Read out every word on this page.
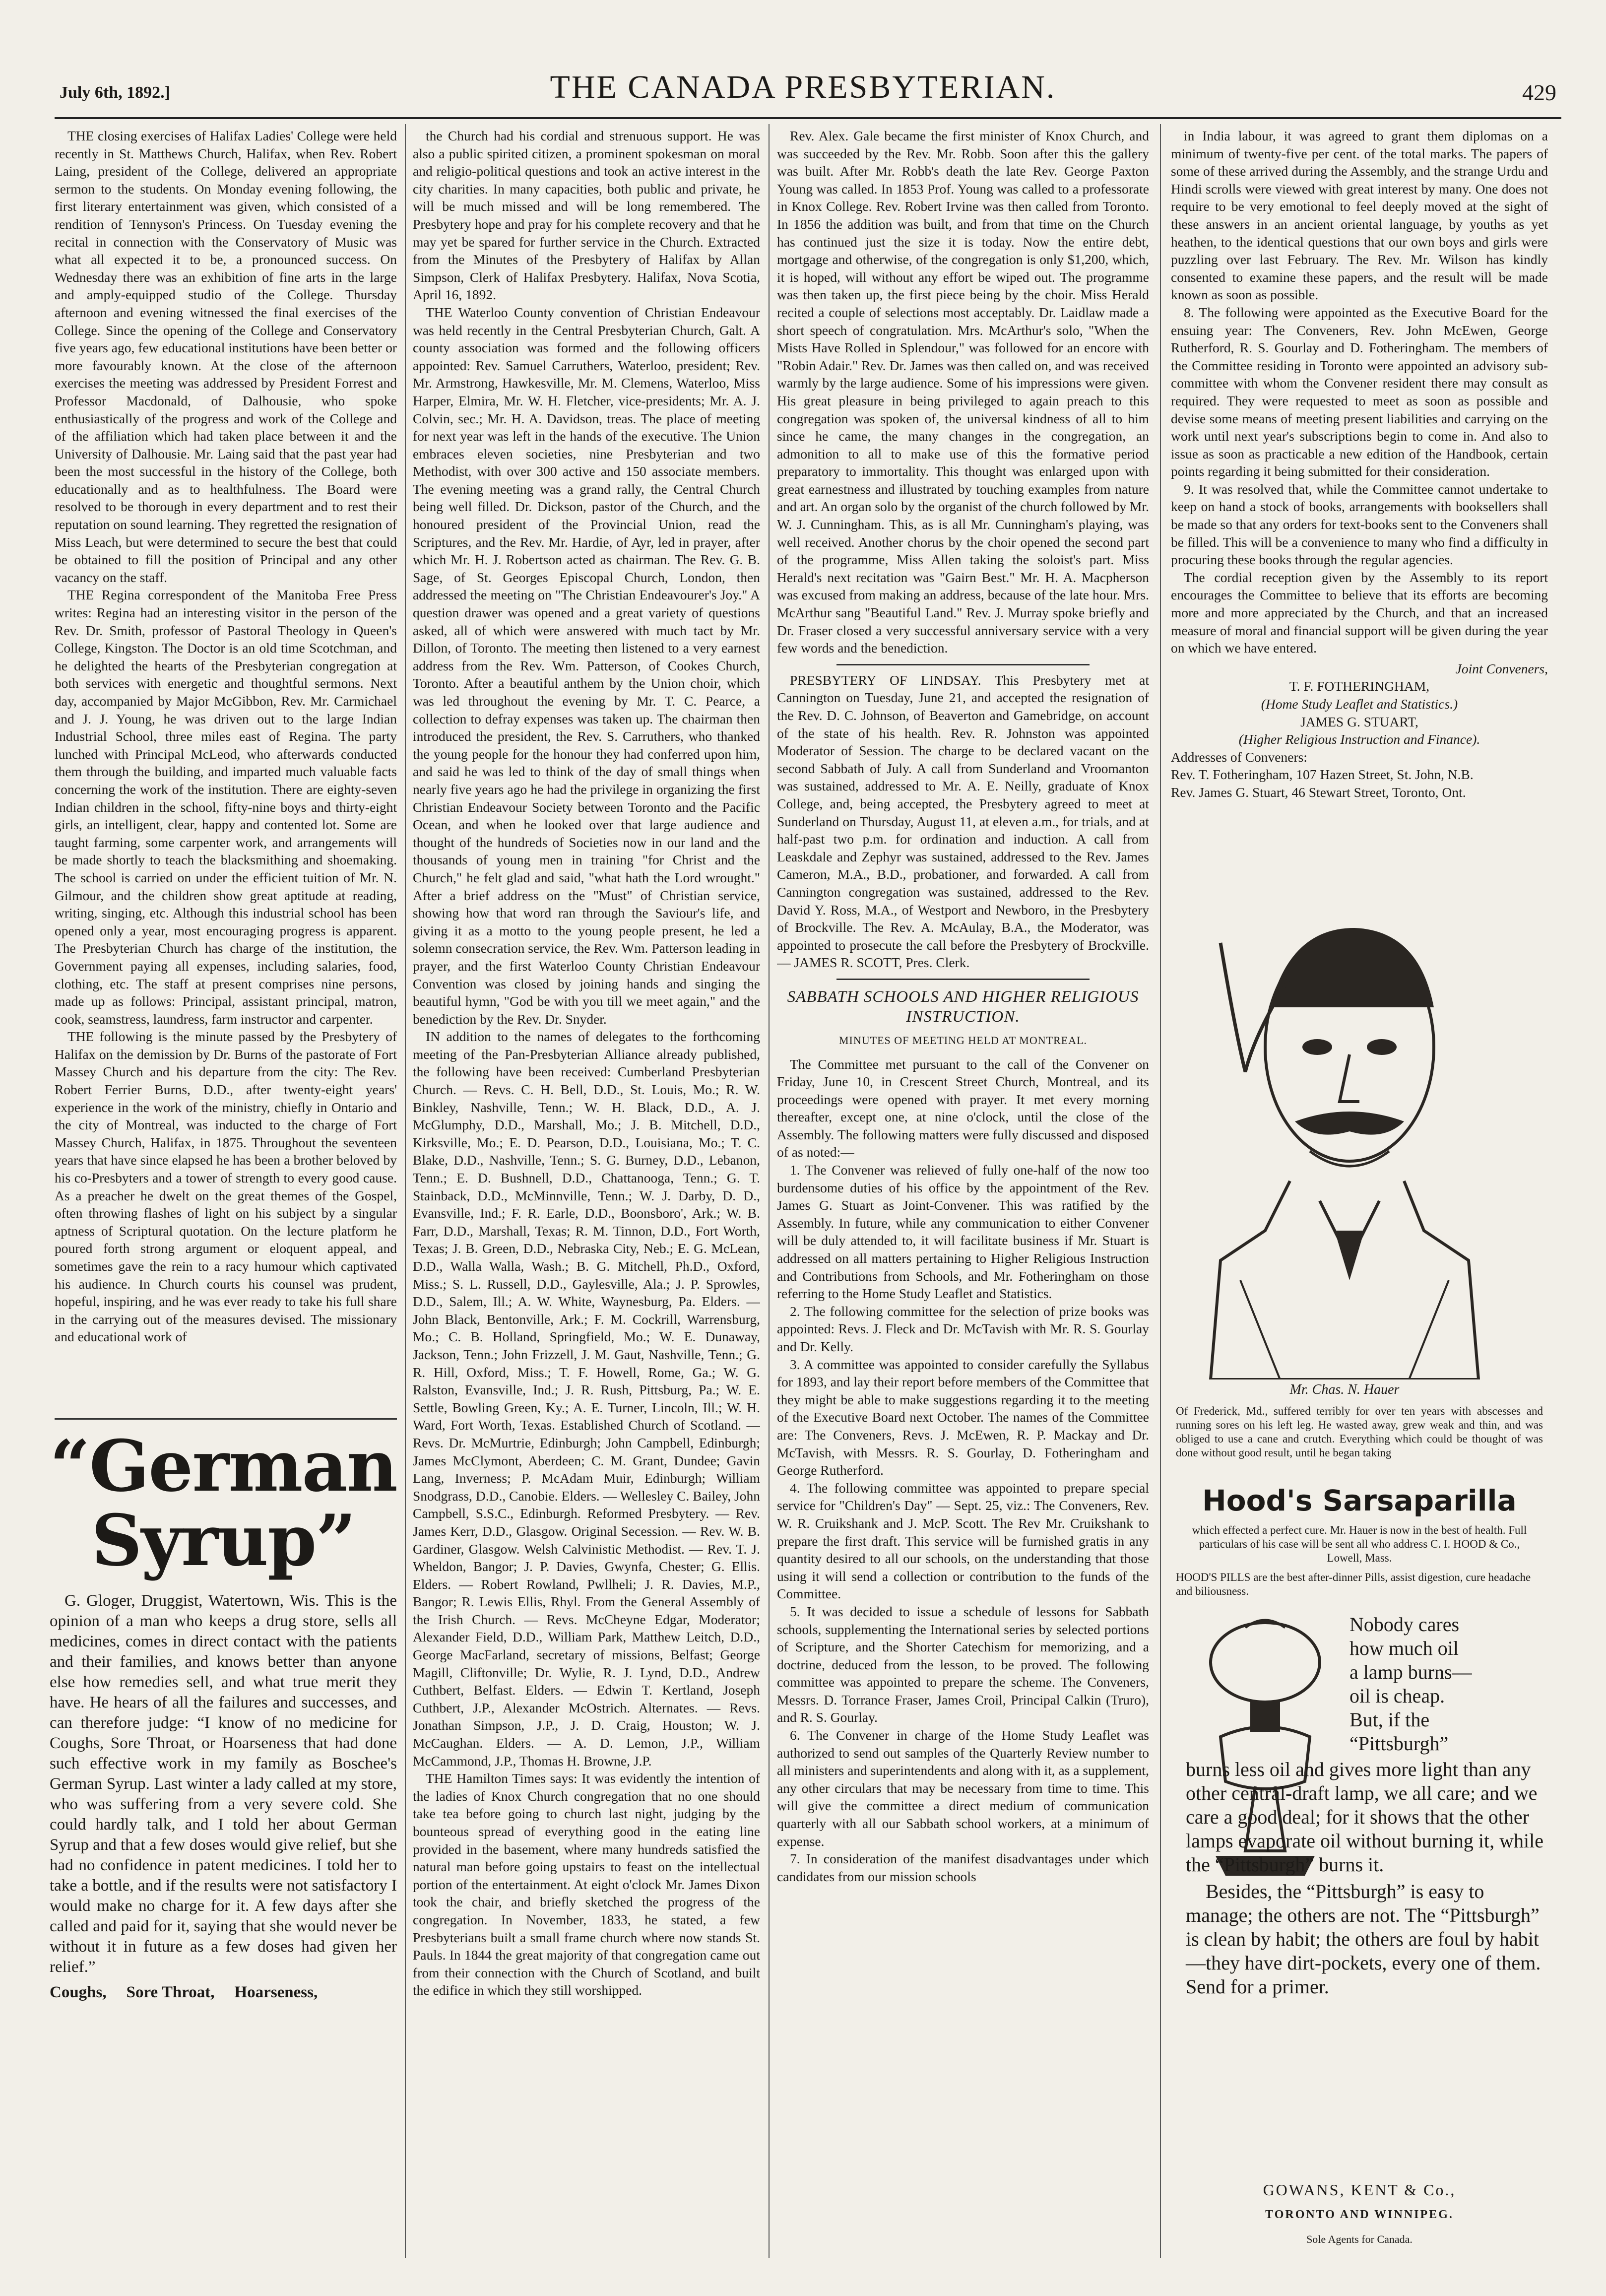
July 6th, 1892.]	THE CANADA PRESBYTERIAN.	429

THE closing exercises of Halifax Ladies' College were held recently in St. Matthews Church, Halifax, when Rev. Robert Laing, president of the College, delivered an appropriate sermon to the students. On Monday evening following, the first literary entertainment was given, which consisted of a rendition of Tennyson's Princess. On Tuesday evening the recital in connection with the Conservatory of Music was what all expected it to be, a pronounced success. On Wednesday there was an exhibition of fine arts in the large and amply-equipped studio of the College. Thursday afternoon and evening witnessed the final exercises of the College. Since the opening of the College and Conservatory five years ago, few educational institutions have been better or more favourably known. At the close of the afternoon exercises the meeting was addressed by President Forrest and Professor Macdonald, of Dalhousie, who spoke enthusiastically of the progress and work of the College and of the affiliation which had taken place between it and the University of Dalhousie. Mr. Laing said that the past year had been the most successful in the history of the College, both educationally and as to healthfulness. The Board were resolved to be thorough in every department and to rest their reputation on sound learning. They regretted the resignation of Miss Leach, but were determined to secure the best that could be obtained to fill the position of Principal and any other vacancy on the staff.

THE Regina correspondent of the Manitoba Free Press writes: Regina had an interesting visitor in the person of the Rev. Dr. Smith, professor of Pastoral Theology in Queen's College, Kingston. The Doctor is an old time Scotchman, and he delighted the hearts of the Presbyterian congregation at both services with energetic and thoughtful sermons. Next day, accompanied by Major McGibbon, Rev. Mr. Carmichael and J. J. Young, he was driven out to the large Indian Industrial School, three miles east of Regina. The party lunched with Principal McLeod, who afterwards conducted them through the building, and imparted much valuable facts concerning the work of the institution. There are eighty-seven Indian children in the school, fifty-nine boys and thirty-eight girls, an intelligent, clear, happy and contented lot. Some are taught farming, some carpenter work, and arrangements will be made shortly to teach the blacksmithing and shoemaking. The school is carried on under the efficient tuition of Mr. N. Gilmour, and the children show great aptitude at reading, writing, singing, etc. Although this industrial school has been opened only a year, most encouraging progress is apparent. The Presbyterian Church has charge of the institution, the Government paying all expenses, including salaries, food, clothing, etc. The staff at present comprises nine persons, made up as follows: Principal, assistant principal, matron, cook, seamstress, laundress, farm instructor and carpenter.

THE following is the minute passed by the Presbytery of Halifax on the demission by Dr. Burns of the pastorate of Fort Massey Church and his departure from the city: The Rev. Robert Ferrier Burns, D.D., after twenty-eight years' experience in the work of the ministry, chiefly in Ontario and the city of Montreal, was inducted to the charge of Fort Massey Church, Halifax, in 1875. Throughout the seventeen years that have since elapsed he has been a brother beloved by his co-Presbyters and a tower of strength to every good cause. As a preacher he dwelt on the great themes of the Gospel, often throwing flashes of light on his subject by a singular aptness of Scriptural quotation. On the lecture platform he poured forth strong argument or eloquent appeal, and sometimes gave the rein to a racy humour which captivated his audience. In Church courts his counsel was prudent, hopeful, inspiring, and he was ever ready to take his full share in the carrying out of the measures devised. The missionary and educational work of

“German Syrup”

G. Gloger, Druggist, Watertown, Wis. This is the opinion of a man who keeps a drug store, sells all medicines, comes in direct contact with the patients and their families, and knows better than anyone else how remedies sell, and what true merit they have. He hears of all the failures and successes, and can therefore judge: “I know of no medicine for Coughs, Sore Throat, or Hoarseness that had done such effective work in my family as Boschee's German Syrup. Last winter a lady called at my store, who was suffering from a very severe cold. She could hardly talk, and I told her about German Syrup and that a few doses would give relief, but she had no confidence in patent medicines. I told her to take a bottle, and if the results were not satisfactory I would make no charge for it. A few days after she called and paid for it, saying that she would never be without it in future as a few doses had given her relief.”

Coughs, Sore Throat, Hoarseness,

the Church had his cordial and strenuous support. He was also a public spirited citizen, a prominent spokesman on moral and religio-political questions and took an active interest in the city charities. In many capacities, both public and private, he will be much missed and will be long remembered. The Presbytery hope and pray for his complete recovery and that he may yet be spared for further service in the Church. Extracted from the Minutes of the Presbytery of Halifax by Allan Simpson, Clerk of Halifax Presbytery. Halifax, Nova Scotia, April 16, 1892.

THE Waterloo County convention of Christian Endeavour was held recently in the Central Presbyterian Church, Galt. A county association was formed and the following officers appointed: Rev. Samuel Carruthers, Waterloo, president; Rev. Mr. Armstrong, Hawkesville, Mr. M. Clemens, Waterloo, Miss Harper, Elmira, Mr. W. H. Fletcher, vice-presidents; Mr. A. J. Colvin, sec.; Mr. H. A. Davidson, treas. The place of meeting for next year was left in the hands of the executive. The Union embraces eleven societies, nine Presbyterian and two Methodist, with over 300 active and 150 associate members. The evening meeting was a grand rally, the Central Church being well filled. Dr. Dickson, pastor of the Church, and the honoured president of the Provincial Union, read the Scriptures, and the Rev. Mr. Hardie, of Ayr, led in prayer, after which Mr. H. J. Robertson acted as chairman. The Rev. G. B. Sage, of St. Georges Episcopal Church, London, then addressed the meeting on "The Christian Endeavourer's Joy." A question drawer was opened and a great variety of questions asked, all of which were answered with much tact by Mr. Dillon, of Toronto. The meeting then listened to a very earnest address from the Rev. Wm. Patterson, of Cookes Church, Toronto. After a beautiful anthem by the Union choir, which was led throughout the evening by Mr. T. C. Pearce, a collection to defray expenses was taken up. The chairman then introduced the president, the Rev. S. Carruthers, who thanked the young people for the honour they had conferred upon him, and said he was led to think of the day of small things when nearly five years ago he had the privilege in organizing the first Christian Endeavour Society between Toronto and the Pacific Ocean, and when he looked over that large audience and thought of the hundreds of Societies now in our land and the thousands of young men in training "for Christ and the Church," he felt glad and said, "what hath the Lord wrought." After a brief address on the "Must" of Christian service, showing how that word ran through the Saviour's life, and giving it as a motto to the young people present, he led a solemn consecration service, the Rev. Wm. Patterson leading in prayer, and the first Waterloo County Christian Endeavour Convention was closed by joining hands and singing the beautiful hymn, "God be with you till we meet again," and the benediction by the Rev. Dr. Snyder.

IN addition to the names of delegates to the forthcoming meeting of the Pan-Presbyterian Alliance already published, the following have been received: Cumberland Presbyterian Church. — Revs. C. H. Bell, D.D., St. Louis, Mo.; R. W. Binkley, Nashville, Tenn.; W. H. Black, D.D., A. J. McGlumphy, D.D., Marshall, Mo.; J. B. Mitchell, D.D., Kirksville, Mo.; E. D. Pearson, D.D., Louisiana, Mo.; T. C. Blake, D.D., Nashville, Tenn.; S. G. Burney, D.D., Lebanon, Tenn.; E. D. Bushnell, D.D., Chattanooga, Tenn.; G. T. Stainback, D.D., McMinnville, Tenn.; W. J. Darby, D. D., Evansville, Ind.; F. R. Earle, D.D., Boonsboro', Ark.; W. B. Farr, D.D., Marshall, Texas; R. M. Tinnon, D.D., Fort Worth, Texas; J. B. Green, D.D., Nebraska City, Neb.; E. G. McLean, D.D., Walla Walla, Wash.; B. G. Mitchell, Ph.D., Oxford, Miss.; S. L. Russell, D.D., Gaylesville, Ala.; J. P. Sprowles, D.D., Salem, Ill.; A. W. White, Waynesburg, Pa. Elders. — John Black, Bentonville, Ark.; F. M. Cockrill, Warrensburg, Mo.; C. B. Holland, Springfield, Mo.; W. E. Dunaway, Jackson, Tenn.; John Frizzell, J. M. Gaut, Nashville, Tenn.; G. R. Hill, Oxford, Miss.; T. F. Howell, Rome, Ga.; W. G. Ralston, Evansville, Ind.; J. R. Rush, Pittsburg, Pa.; W. E. Settle, Bowling Green, Ky.; A. E. Turner, Lincoln, Ill.; W. H. Ward, Fort Worth, Texas. Established Church of Scotland. — Revs. Dr. McMurtrie, Edinburgh; John Campbell, Edinburgh; James McClymont, Aberdeen; C. M. Grant, Dundee; Gavin Lang, Inverness; P. McAdam Muir, Edinburgh; William Snodgrass, D.D., Canobie. Elders. — Wellesley C. Bailey, John Campbell, S.S.C., Edinburgh. Reformed Presbytery. — Rev. James Kerr, D.D., Glasgow. Original Secession. — Rev. W. B. Gardiner, Glasgow. Welsh Calvinistic Methodist. — Rev. T. J. Wheldon, Bangor; J. P. Davies, Gwynfa, Chester; G. Ellis. Elders. — Robert Rowland, Pwllheli; J. R. Davies, M.P., Bangor; R. Lewis Ellis, Rhyl. From the General Assembly of the Irish Church. — Revs. McCheyne Edgar, Moderator; Alexander Field, D.D., William Park, Matthew Leitch, D.D., George MacFarland, secretary of missions, Belfast; George Magill, Cliftonville; Dr. Wylie, R. J. Lynd, D.D., Andrew Cuthbert, Belfast. Elders. — Edwin T. Kertland, Joseph Cuthbert, J.P., Alexander McOstrich. Alternates. — Revs. Jonathan Simpson, J.P., J. D. Craig, Houston; W. J. McCaughan. Elders. — A. D. Lemon, J.P., William McCammond, J.P., Thomas H. Browne, J.P.

THE Hamilton Times says: It was evidently the intention of the ladies of Knox Church congregation that no one should take tea before going to church last night, judging by the bounteous spread of everything good in the eating line provided in the basement, where many hundreds satisfied the natural man before going upstairs to feast on the intellectual portion of the entertainment. At eight o'clock Mr. James Dixon took the chair, and briefly sketched the progress of the congregation. In November, 1833, he stated, a few Presbyterians built a small frame church where now stands St. Pauls. In 1844 the great majority of that congregation came out from their connection with the Church of Scotland, and built the edifice in which they still worshipped.

Rev. Alex. Gale became the first minister of Knox Church, and was succeeded by the Rev. Mr. Robb. Soon after this the gallery was built. After Mr. Robb's death the late Rev. George Paxton Young was called. In 1853 Prof. Young was called to a professorate in Knox College. Rev. Robert Irvine was then called from Toronto. In 1856 the addition was built, and from that time on the Church has continued just the size it is today. Now the entire debt, mortgage and otherwise, of the congregation is only $1,200, which, it is hoped, will without any effort be wiped out. The programme was then taken up, the first piece being by the choir. Miss Herald recited a couple of selections most acceptably. Dr. Laidlaw made a short speech of congratulation. Mrs. McArthur's solo, "When the Mists Have Rolled in Splendour," was followed for an encore with "Robin Adair." Rev. Dr. James was then called on, and was received warmly by the large audience. Some of his impressions were given. His great pleasure in being privileged to again preach to this congregation was spoken of, the universal kindness of all to him since he came, the many changes in the congregation, an admonition to all to make use of this the formative period preparatory to immortality. This thought was enlarged upon with great earnestness and illustrated by touching examples from nature and art. An organ solo by the organist of the church followed by Mr. W. J. Cunningham. This, as is all Mr. Cunningham's playing, was well received. Another chorus by the choir opened the second part of the programme, Miss Allen taking the soloist's part. Miss Herald's next recitation was "Gairn Best." Mr. H. A. Macpherson was excused from making an address, because of the late hour. Mrs. McArthur sang "Beautiful Land." Rev. J. Murray spoke briefly and Dr. Fraser closed a very successful anniversary service with a very few words and the benediction.

PRESBYTERY OF LINDSAY. This Presbytery met at Cannington on Tuesday, June 21, and accepted the resignation of the Rev. D. C. Johnson, of Beaverton and Gamebridge, on account of the state of his health. Rev. R. Johnston was appointed Moderator of Session. The charge to be declared vacant on the second Sabbath of July. A call from Sunderland and Vroomanton was sustained, addressed to Mr. A. E. Neilly, graduate of Knox College, and, being accepted, the Presbytery agreed to meet at Sunderland on Thursday, August 11, at eleven a.m., for trials, and at half-past two p.m. for ordination and induction. A call from Leaskdale and Zephyr was sustained, addressed to the Rev. James Cameron, M.A., B.D., probationer, and forwarded. A call from Cannington congregation was sustained, addressed to the Rev. David Y. Ross, M.A., of Westport and Newboro, in the Presbytery of Brockville. The Rev. A. McAulay, B.A., the Moderator, was appointed to prosecute the call before the Presbytery of Brockville. — JAMES R. SCOTT, Pres. Clerk.

SABBATH SCHOOLS AND HIGHER RELIGIOUS INSTRUCTION.
MINUTES OF MEETING HELD AT MONTREAL.

The Committee met pursuant to the call of the Convener on Friday, June 10, in Crescent Street Church, Montreal, and its proceedings were opened with prayer. It met every morning thereafter, except one, at nine o'clock, until the close of the Assembly. The following matters were fully discussed and disposed of as noted:—

1. The Convener was relieved of fully one-half of the now too burdensome duties of his office by the appointment of the Rev. James G. Stuart as Joint-Convener. This was ratified by the Assembly. In future, while any communication to either Convener will be duly attended to, it will facilitate business if Mr. Stuart is addressed on all matters pertaining to Higher Religious Instruction and Contributions from Schools, and Mr. Fotheringham on those referring to the Home Study Leaflet and Statistics.

2. The following committee for the selection of prize books was appointed: Revs. J. Fleck and Dr. McTavish with Mr. R. S. Gourlay and Dr. Kelly.

3. A committee was appointed to consider carefully the Syllabus for 1893, and lay their report before members of the Committee that they might be able to make suggestions regarding it to the meeting of the Executive Board next October. The names of the Committee are: The Conveners, Revs. J. McEwen, R. P. Mackay and Dr. McTavish, with Messrs. R. S. Gourlay, D. Fotheringham and George Rutherford.

4. The following committee was appointed to prepare special service for "Children's Day" — Sept. 25, viz.: The Conveners, Rev. W. R. Cruikshank and J. McP. Scott. The Rev Mr. Cruikshank to prepare the first draft. This service will be furnished gratis in any quantity desired to all our schools, on the understanding that those using it will send a collection or contribution to the funds of the Committee.

5. It was decided to issue a schedule of lessons for Sabbath schools, supplementing the International series by selected portions of Scripture, and the Shorter Catechism for memorizing, and a doctrine, deduced from the lesson, to be proved. The following committee was appointed to prepare the scheme. The Conveners, Messrs. D. Torrance Fraser, James Croil, Principal Calkin (Truro), and R. S. Gourlay.

6. The Convener in charge of the Home Study Leaflet was authorized to send out samples of the Quarterly Review number to all ministers and superintendents and along with it, as a supplement, any other circulars that may be necessary from time to time. This will give the committee a direct medium of communication quarterly with all our Sabbath school workers, at a minimum of expense.

7. In consideration of the manifest disadvantages under which candidates from our mission schools

in India labour, it was agreed to grant them diplomas on a minimum of twenty-five per cent. of the total marks. The papers of some of these arrived during the Assembly, and the strange Urdu and Hindi scrolls were viewed with great interest by many. One does not require to be very emotional to feel deeply moved at the sight of these answers in an ancient oriental language, by youths as yet heathen, to the identical questions that our own boys and girls were puzzling over last February. The Rev. Mr. Wilson has kindly consented to examine these papers, and the result will be made known as soon as possible.

8. The following were appointed as the Executive Board for the ensuing year: The Conveners, Rev. John McEwen, George Rutherford, R. S. Gourlay and D. Fotheringham. The members of the Committee residing in Toronto were appointed an advisory sub-committee with whom the Convener resident there may consult as required. They were requested to meet as soon as possible and devise some means of meeting present liabilities and carrying on the work until next year's subscriptions begin to come in. And also to issue as soon as practicable a new edition of the Handbook, certain points regarding it being submitted for their consideration.

9. It was resolved that, while the Committee cannot undertake to keep on hand a stock of books, arrangements with booksellers shall be made so that any orders for text-books sent to the Conveners shall be filled. This will be a convenience to many who find a difficulty in procuring these books through the regular agencies.

The cordial reception given by the Assembly to its report encourages the Committee to believe that its efforts are becoming more and more appreciated by the Church, and that an increased measure of moral and financial support will be given during the year on which we have entered.

Joint Conveners,
T. F. FOTHERINGHAM,
(Home Study Leaflet and Statistics.)
JAMES G. STUART,
(Higher Religious Instruction and Finance).
Addresses of Conveners:
Rev. T. Fotheringham, 107 Hazen Street, St. John, N.B.
Rev. James G. Stuart, 46 Stewart Street, Toronto, Ont.
Mr. Chas. N. Hauer
Of Frederick, Md., suffered terribly for over ten years with abscesses and running sores on his left leg. He wasted away, grew weak and thin, and was obliged to use a cane and crutch. Everything which could be thought of was done without good result, until he began taking
Hood's Sarsaparilla
which effected a perfect cure. Mr. Hauer is now in the best of health. Full particulars of his case will be sent all who address C. I. HOOD & Co., Lowell, Mass.
HOOD'S PILLS are the best after-dinner Pills, assist digestion, cure headache and biliousness.
Nobody cares
how much oil
a lamp burns—
oil is cheap.
But, if the
“Pittsburgh”
burns less oil and gives more light than any other central-draft lamp, we all care; and we care a good deal; for it shows that the other lamps evaporate oil without burning it, while the “Pittsburgh” burns it.
Besides, the “Pittsburgh” is easy to manage; the others are not. The “Pittsburgh” is clean by habit; the others are foul by habit—they have dirt-pockets, every one of them. Send for a primer.
GOWANS, KENT & Co.,
TORONTO AND WINNIPEG.
Sole Agents for Canada.
